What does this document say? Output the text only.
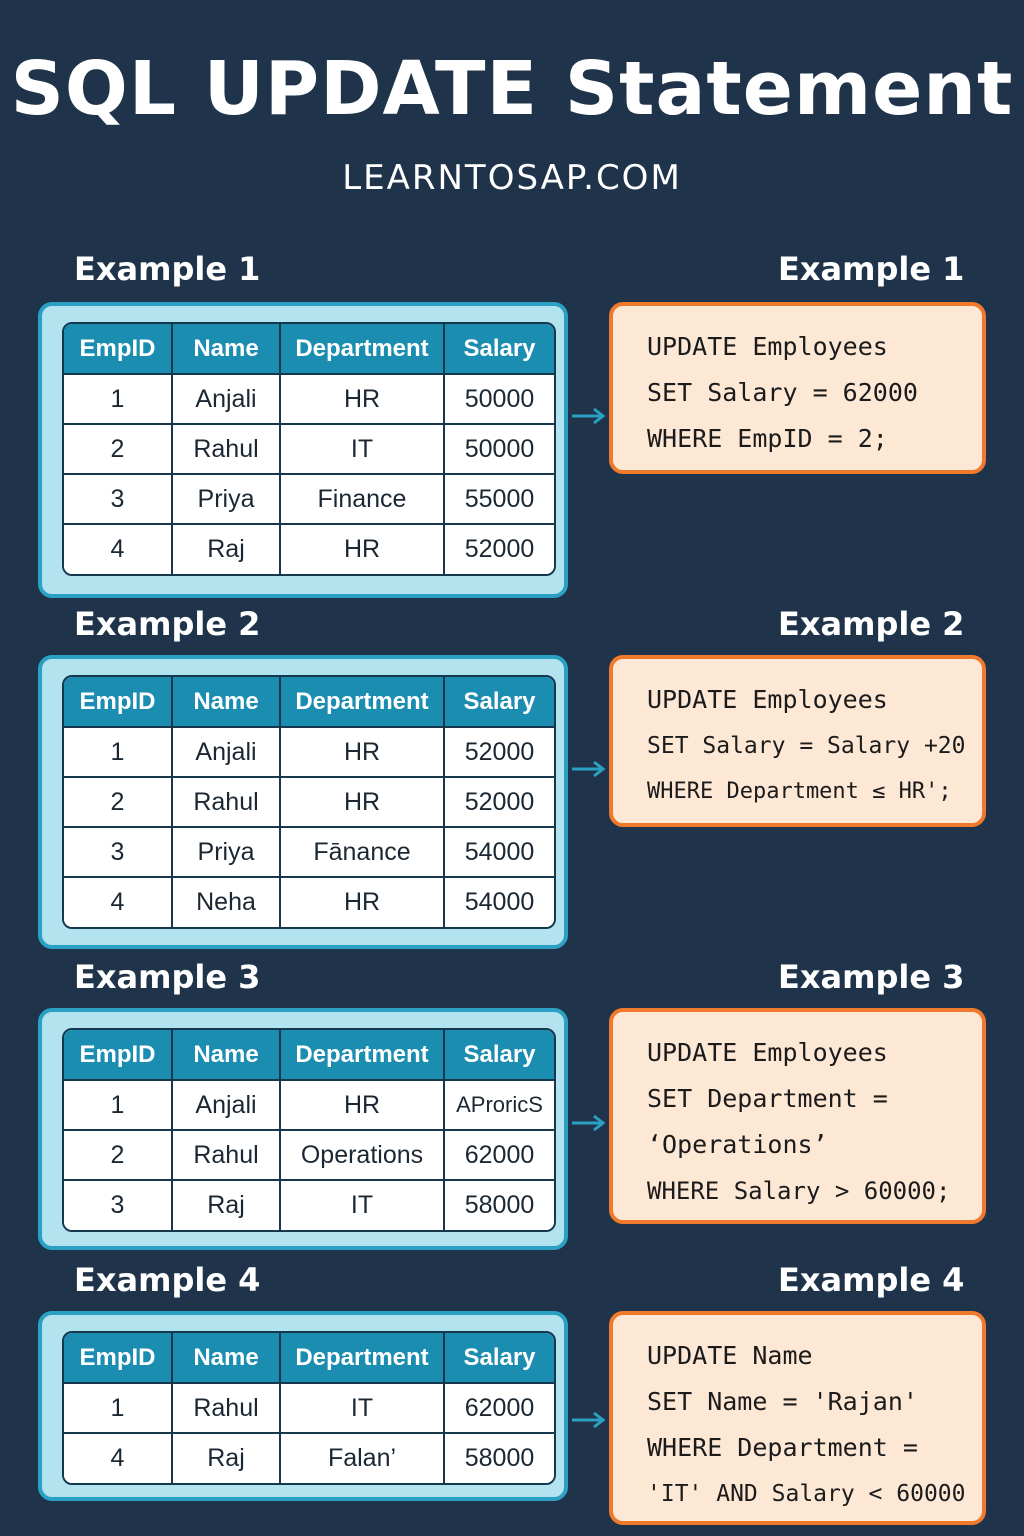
SQL UPDATE Statement

LEARNTOSAP.COM

Example 1	Example 1
EmpID	Name	Department	Salary
1	Anjali	HR	50000
2	Rahul	IT	50000
3	Priya	Finance	55000
4	Raj	HR	52000
UPDATE Employees
SET Salary = 62000
WHERE EmpID = 2;
Example 2	Example 2
EmpID	Name	Department	Salary
1	Anjali	HR	52000
2	Rahul	HR	52000
3	Priya	Fānance	54000
4	Neha	HR	54000
UPDATE Employees
SET Salary = Salary +20
WHERE Department ≤ HR';
Example 3	Example 3
EmpID	Name	Department	Salary
1	Anjali	HR	APrоricS
2	Rahul	Operations	62000
3	Raj	IT	58000
UPDATE Employees
SET Department =
‘Operations’
WHERE Salary > 60000;
Example 4	Example 4
EmpID	Name	Department	Salary
1	Rahul	IT	62000
4	Raj	Falan’	58000
UPDATE Name
SET Name = 'Rajan'
WHERE Department =
'IT' AND Salary < 60000
